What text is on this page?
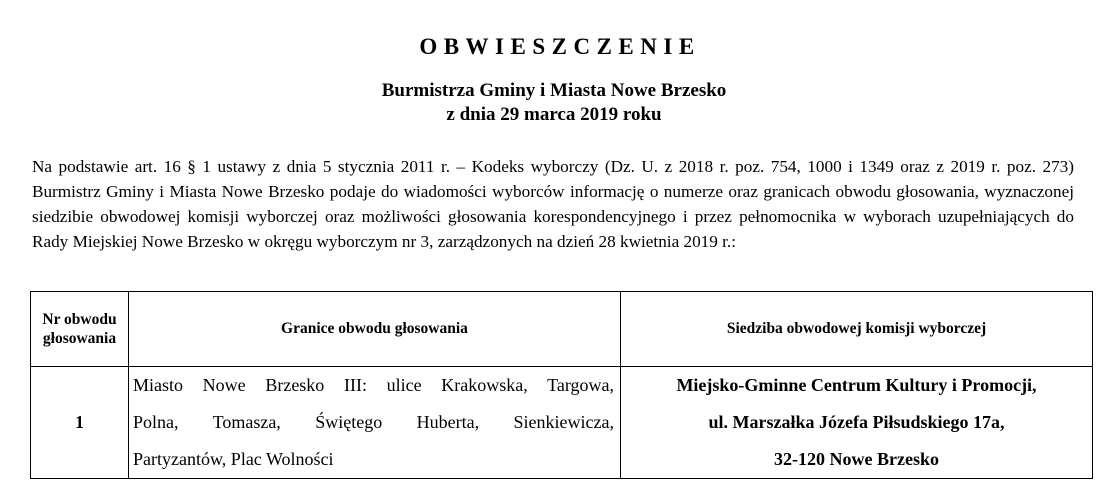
OBWIESZCZENIE
Burmistrza Gminy i Miasta Nowe Brzesko
z dnia 29 marca 2019 roku

Na podstawie art. 16 § 1 ustawy z dnia 5 stycznia 2011 r. – Kodeks wyborczy (Dz. U. z 2018 r. poz. 754, 1000 i 1349 oraz z 2019 r. poz. 273) Burmistrz Gminy i Miasta Nowe Brzesko podaje do wiadomości wyborców informację o numerze oraz granicach obwodu głosowania, wyznaczonej siedzibie obwodowej komisji wyborczej oraz możliwości głosowania korespondencyjnego i przez pełnomocnika w wyborach uzupełniających do Rady Miejskiej Nowe Brzesko w okręgu wyborczym nr 3, zarządzonych na dzień 28 kwietnia 2019 r.:

Nr obwodu
głosowania	Granice obwodu głosowania	Siedziba obwodowej komisji wyborczej
1	Miasto Nowe Brzesko III: ulice Krakowska, Targowa,
Polna, Tomasza, Świętego Huberta, Sienkiewicza,
Partyzantów, Plac Wolności	Miejsko-Gminne Centrum Kultury i Promocji,
ul. Marszałka Józefa Piłsudskiego 17a,
32-120 Nowe Brzesko
